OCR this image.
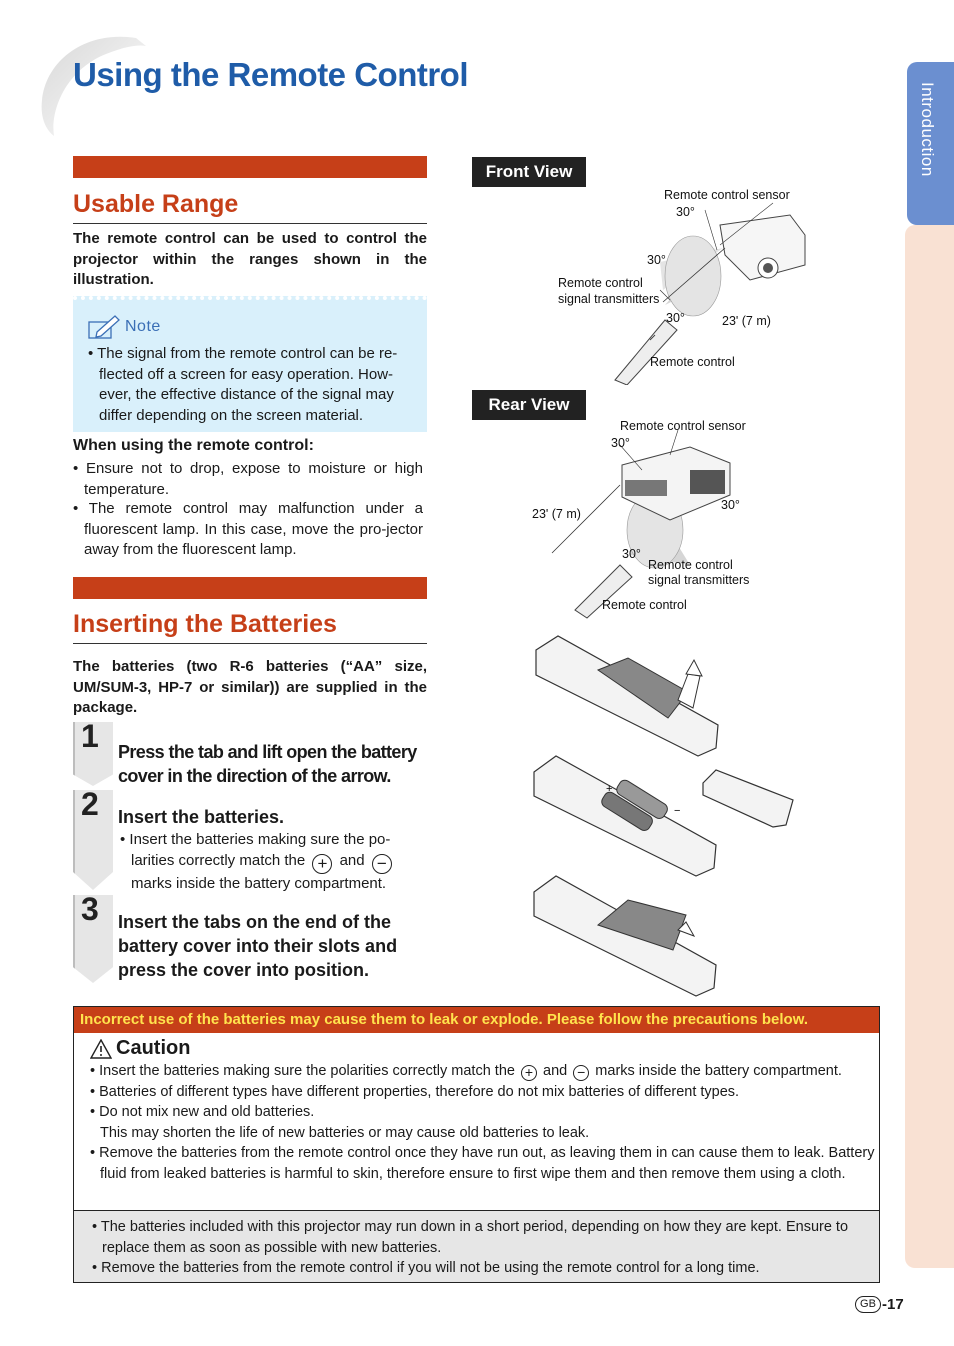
Using the Remote Control
Introduction
Usable Range
The remote control can be used to control the projector within the ranges shown in the illustration.
Note
• The signal from the remote control can be re-flected off a screen for easy operation. How-ever, the effective distance of the signal may differ depending on the screen material.
When using the remote control:
• Ensure not to drop, expose to moisture or high temperature.
• The remote control may malfunction under a fluorescent lamp. In this case, move the pro-jector away from the fluorescent lamp.
Inserting the Batteries
The batteries (two R-6 batteries (“AA” size, UM/SUM-3, HP-7 or similar)) are supplied in the package.
1 Press the tab and lift open the battery cover in the direction of the arrow.
2 Insert the batteries.
• Insert the batteries making sure the po-larities correctly match the + and − marks inside the battery compartment.
3 Insert the tabs on the end of the battery cover into their slots and press the cover into position.
Front View
Remote control sensor
30°
30°
Remote control
signal transmitters
30°	23' (7 m)
Remote control
Rear View
Remote control sensor
30°
30°
23' (7 m)
30°
Remote control
signal transmitters
Remote control
+
−
Incorrect use of the batteries may cause them to leak or explode. Please follow the precautions below.
Caution
• Insert the batteries making sure the polarities correctly match the + and − marks inside the battery compartment.
• Batteries of different types have different properties, therefore do not mix batteries of different types.
• Do not mix new and old batteries.
This may shorten the life of new batteries or may cause old batteries to leak.
• Remove the batteries from the remote control once they have run out, as leaving them in can cause them to leak. Battery fluid from leaked batteries is harmful to skin, therefore ensure to first wipe them and then remove them using a cloth.
• The batteries included with this projector may run down in a short period, depending on how they are kept. Ensure to replace them as soon as possible with new batteries.
• Remove the batteries from the remote control if you will not be using the remote control for a long time.
GB -17
